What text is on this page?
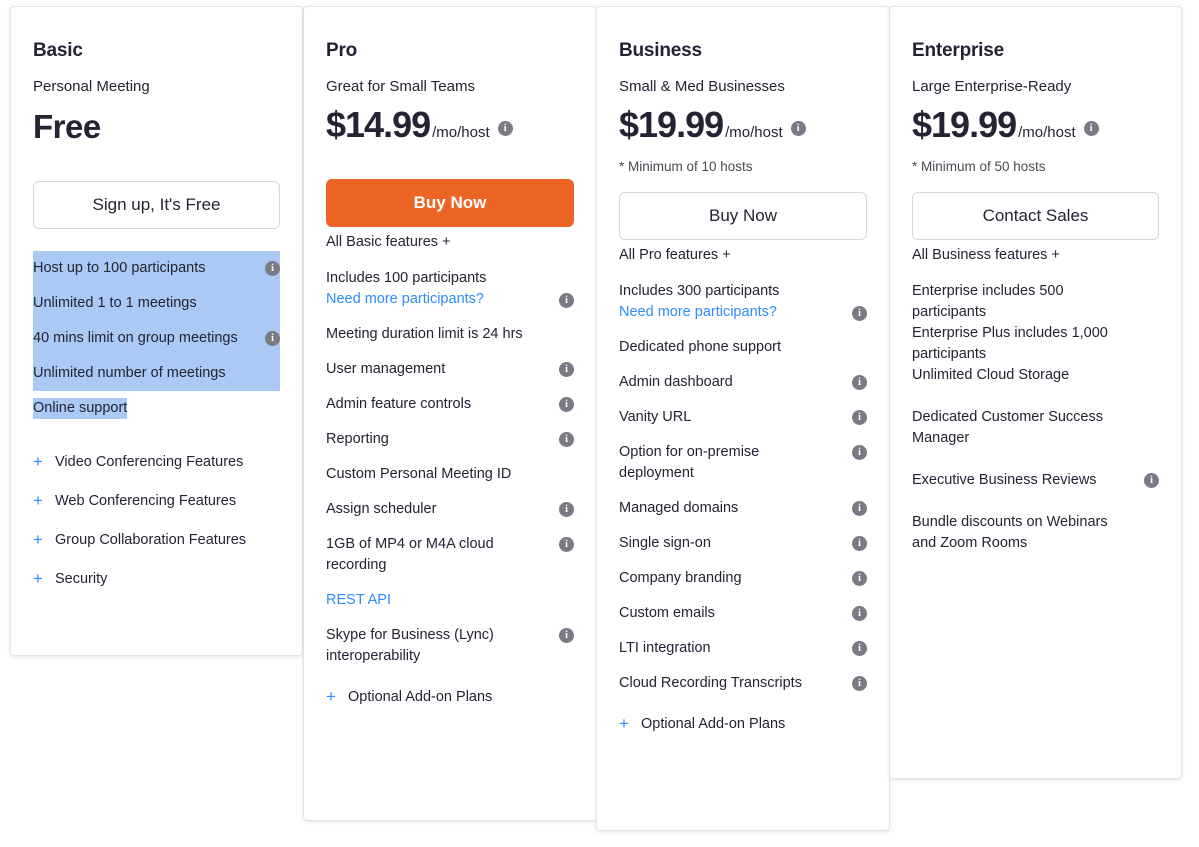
Basic
Personal Meeting
Free
Sign up, It's Free
Host up to 100 participants	i
Unlimited 1 to 1 meetings
40 mins limit on group meetings	i
Unlimited number of meetings
Online support
+ Video Conferencing Features
+ Web Conferencing Features
+ Group Collaboration Features
+ Security
Pro
Great for Small Teams
$14.99 /mo/host	i
Buy Now
All Basic features +
Includes 100 participants
Need more participants?	i
Meeting duration limit is 24 hrs
User management	i
Admin feature controls	i
Reporting	i
Custom Personal Meeting ID
Assign scheduler	i
1GB of MP4 or M4A cloud recording
i
REST API
Skype for Business (Lync) interoperability
i
+ Optional Add-on Plans
Business
Small & Med Businesses
$19.99 /mo/host	i
* Minimum of 10 hosts
Buy Now
All Pro features +
Includes 300 participants
Need more participants?	i
Dedicated phone support
Admin dashboard	i
Vanity URL	i
Option for on-premise deployment
i
Managed domains	i
Single sign-on	i
Company branding	i
Custom emails	i
LTI integration	i
Cloud Recording Transcripts	i
+ Optional Add-on Plans
Enterprise
Large Enterprise-Ready
$19.99 /mo/host	i
* Minimum of 50 hosts
Contact Sales
All Business features +
Enterprise includes 500 participants
Enterprise Plus includes 1,000 participants
Unlimited Cloud Storage
Dedicated Customer Success Manager
Executive Business Reviews	i
Bundle discounts on Webinars and Zoom Rooms
